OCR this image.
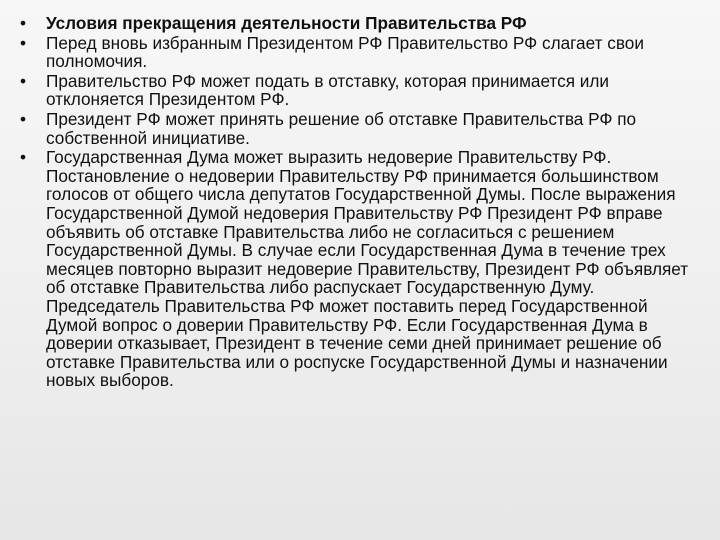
• Условия прекращения деятельности Правительства РФ
• Перед вновь избранным Президентом РФ Правительство РФ слагает свои полномочия.
• Правительство РФ может подать в отставку, которая принимается или отклоняется Президентом РФ.
• Президент РФ может принять решение об отставке Правительства РФ по собственной инициативе.
• Государственная Дума может выразить недоверие Правительству РФ. Постановление о недоверии Правительству РФ принимается большинством голосов от общего числа депутатов Государственной Думы. После выражения Государственной Думой недоверия Правительству РФ Президент РФ вправе объявить об отставке Правительства либо не согласиться с решением Государственной Думы. В случае если Государственная Дума в течение трех месяцев повторно выразит недоверие Правительству, Президент РФ объявляет об отставке Правительства либо распускает Государственную Думу. Председатель Правительства РФ может поставить перед Государственной Думой вопрос о доверии Правительству РФ. Если Государственная Дума в доверии отказывает, Президент в течение семи дней принимает решение об отставке Правительства или о роспуске Государственной Думы и назначении новых выборов.
